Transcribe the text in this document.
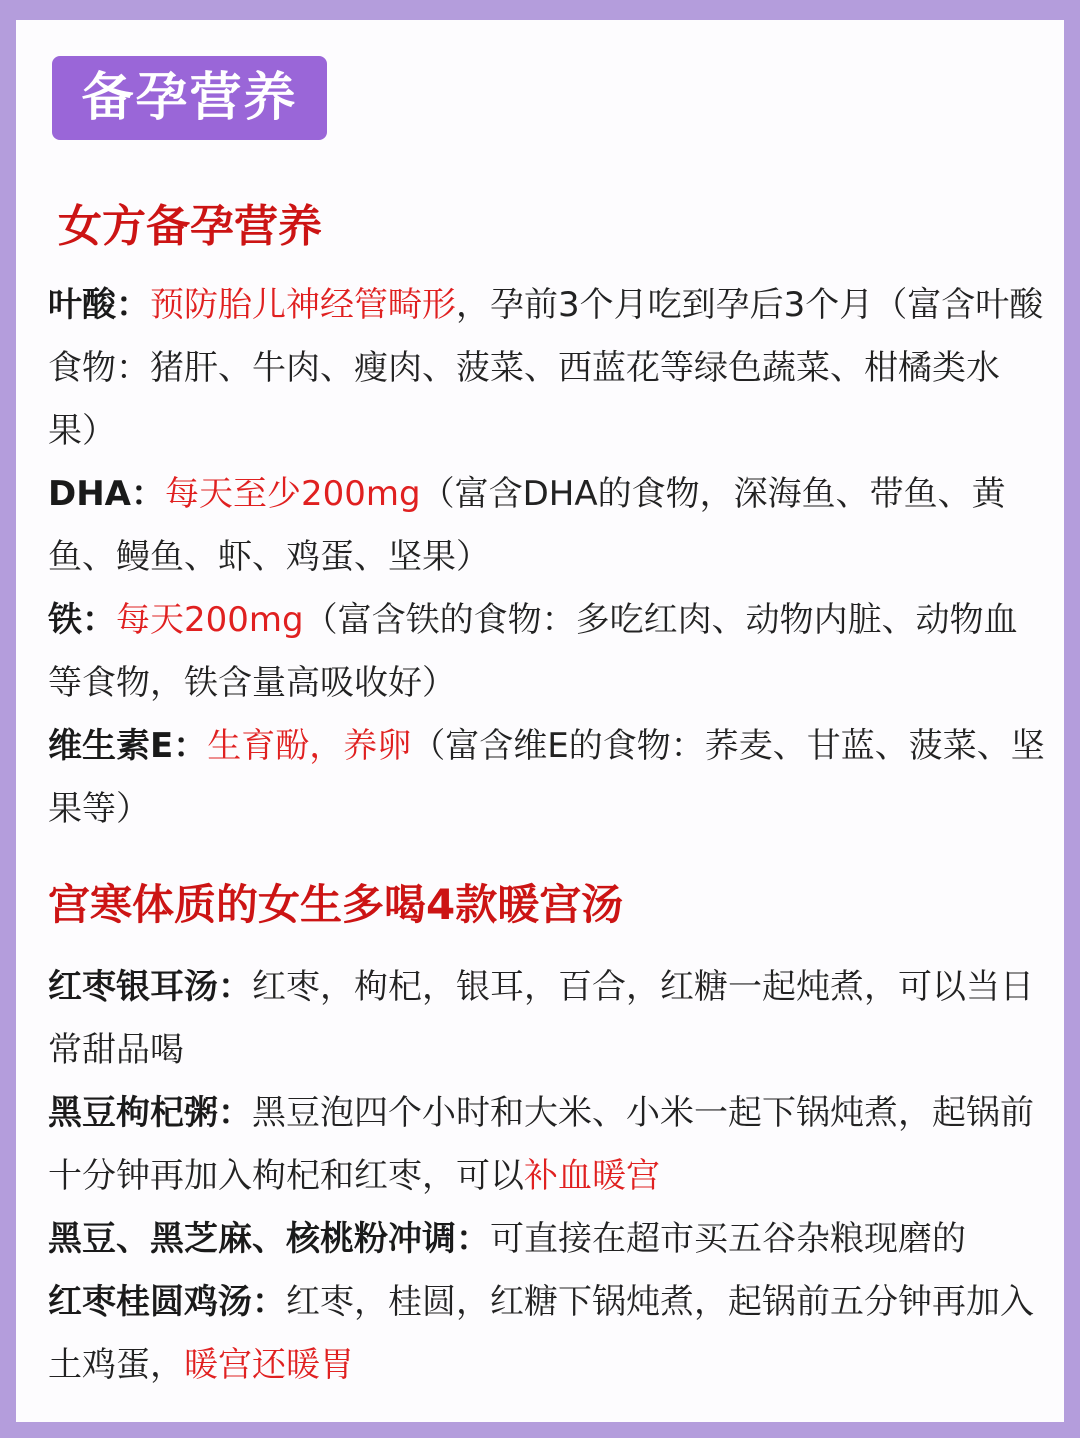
备孕营养
女方备孕营养

叶酸：预防胎儿神经管畸形，孕前3个月吃到孕后3个月（富含叶酸食物：猪肝、牛肉、瘦肉、菠菜、西蓝花等绿色蔬菜、柑橘类水果）

DHA：每天至少200mg（富含DHA的食物，深海鱼、带鱼、黄鱼、鳗鱼、虾、鸡蛋、坚果）

铁：每天200mg（富含铁的食物：多吃红肉、动物内脏、动物血等食物，铁含量高吸收好）

维生素E：生育酚，养卵（富含维E的食物：荞麦、甘蓝、菠菜、坚果等）

宫寒体质的女生多喝4款暖宫汤

红枣银耳汤：红枣，枸杞，银耳，百合，红糖一起炖煮，可以当日常甜品喝

黑豆枸杞粥：黑豆泡四个小时和大米、小米一起下锅炖煮，起锅前十分钟再加入枸杞和红枣，可以补血暖宫

黑豆、黑芝麻、核桃粉冲调：可直接在超市买五谷杂粮现磨的

红枣桂圆鸡汤：红枣，桂圆，红糖下锅炖煮，起锅前五分钟再加入土鸡蛋，暖宫还暖胃
